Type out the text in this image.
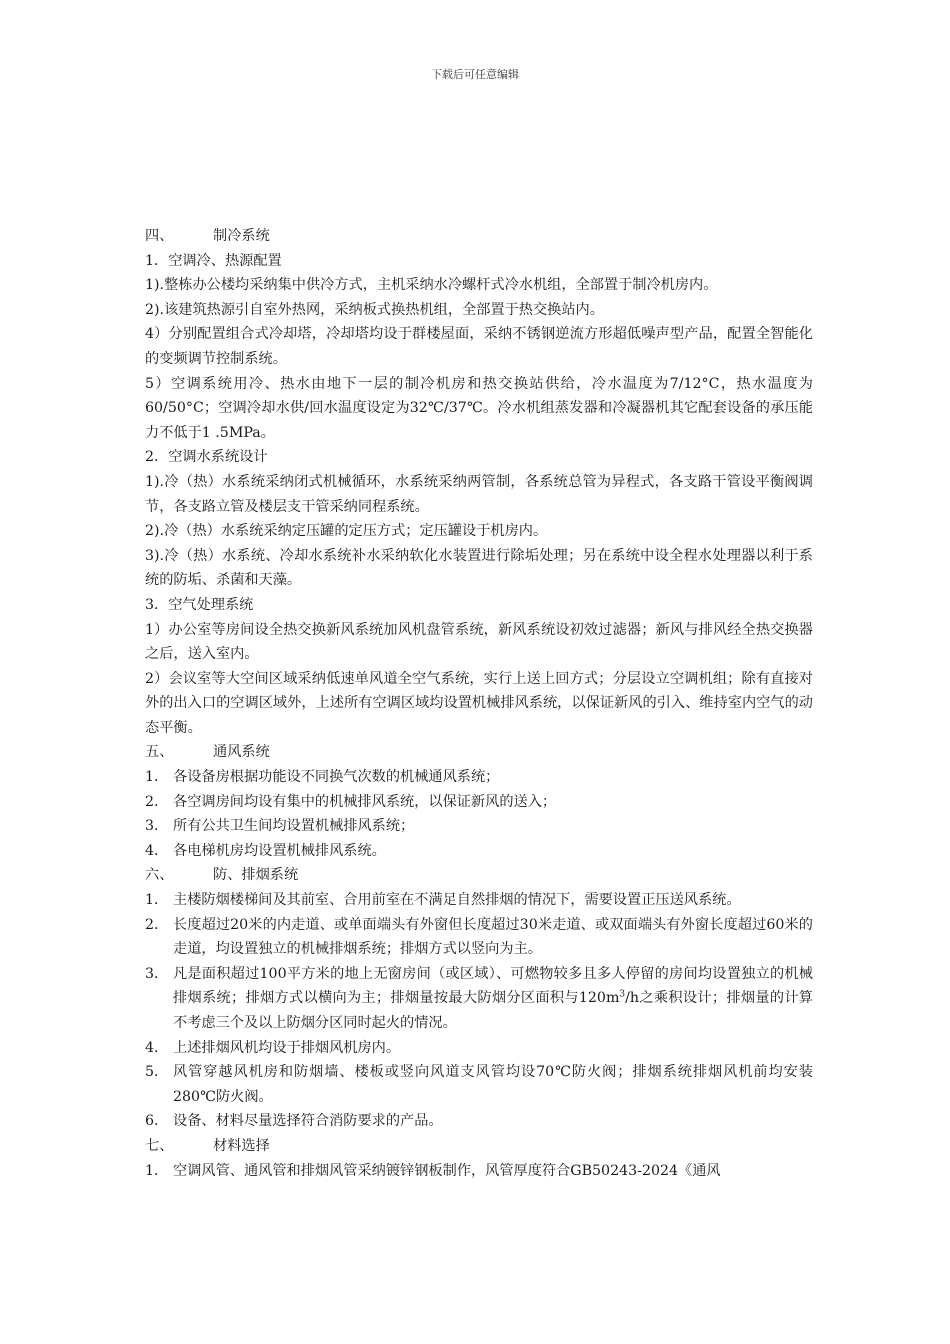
下载后可任意编辑
四、	制冷系统
1．空调冷、热源配置
1).整栋办公楼均采纳集中供冷方式，主机采纳水冷螺杆式冷水机组，全部置于制冷机房内。
2).该建筑热源引自室外热网，采纳板式换热机组，全部置于热交换站内。
4）分别配置组合式冷却塔，冷却塔均设于群楼屋面，采纳不锈钢逆流方形超低噪声型产品，配置全智能化的变频调节控制系统。
5）空调系统用冷、热水由地下一层的制冷机房和热交换站供给，冷水温度为7/12°C，热水温度为60/50°C；空调冷却水供/回水温度设定为32℃/37℃。冷水机组蒸发器和冷凝器机其它配套设备的承压能力不低于1 .5MPa。
2．空调水系统设计
1).冷（热）水系统采纳闭式机械循环，水系统采纳两管制，各系统总管为异程式，各支路干管设平衡阀调节，各支路立管及楼层支干管采纳同程系统。
2).冷（热）水系统采纳定压罐的定压方式；定压罐设于机房内。
3).冷（热）水系统、冷却水系统补水采纳软化水装置进行除垢处理；另在系统中设全程水处理器以利于系统的防垢、杀菌和天藻。
3．空气处理系统
1）办公室等房间设全热交换新风系统加风机盘管系统，新风系统设初效过滤器；新风与排风经全热交换器之后，送入室内。
2）会议室等大空间区域采纳低速单风道全空气系统，实行上送上回方式；分层设立空调机组；除有直接对外的出入口的空调区域外，上述所有空调区域均设置机械排风系统，以保证新风的引入、维持室内空气的动态平衡。
五、	通风系统
1． 各设备房根据功能设不同换气次数的机械通风系统；
2． 各空调房间均设有集中的机械排风系统，以保证新风的送入；
3． 所有公共卫生间均设置机械排风系统；
4． 各电梯机房均设置机械排风系统。
六、	防、排烟系统
1． 主楼防烟楼梯间及其前室、合用前室在不满足自然排烟的情况下，需要设置正压送风系统。
2． 长度超过20米的内走道、或单面端头有外窗但长度超过30米走道、或双面端头有外窗长度超过60米的走道，均设置独立的机械排烟系统；排烟方式以竖向为主。
3． 凡是面积超过100平方米的地上无窗房间（或区域）、可燃物较多且多人停留的房间均设置独立的机械排烟系统；排烟方式以横向为主；排烟量按最大防烟分区面积与$120m^3/h$之乘积设计；排烟量的计算不考虑三个及以上防烟分区同时起火的情况。
4． 上述排烟风机均设于排烟风机房内。
5． 风管穿越风机房和防烟墙、楼板或竖向风道支风管均设70℃防火阀；排烟系统排烟风机前均安装280℃防火阀。
6． 设备、材料尽量选择符合消防要求的产品。
七、	材料选择
1． 空调风管、通风管和排烟风管采纳镀锌钢板制作，风管厚度符合GB50243-2024《通风
